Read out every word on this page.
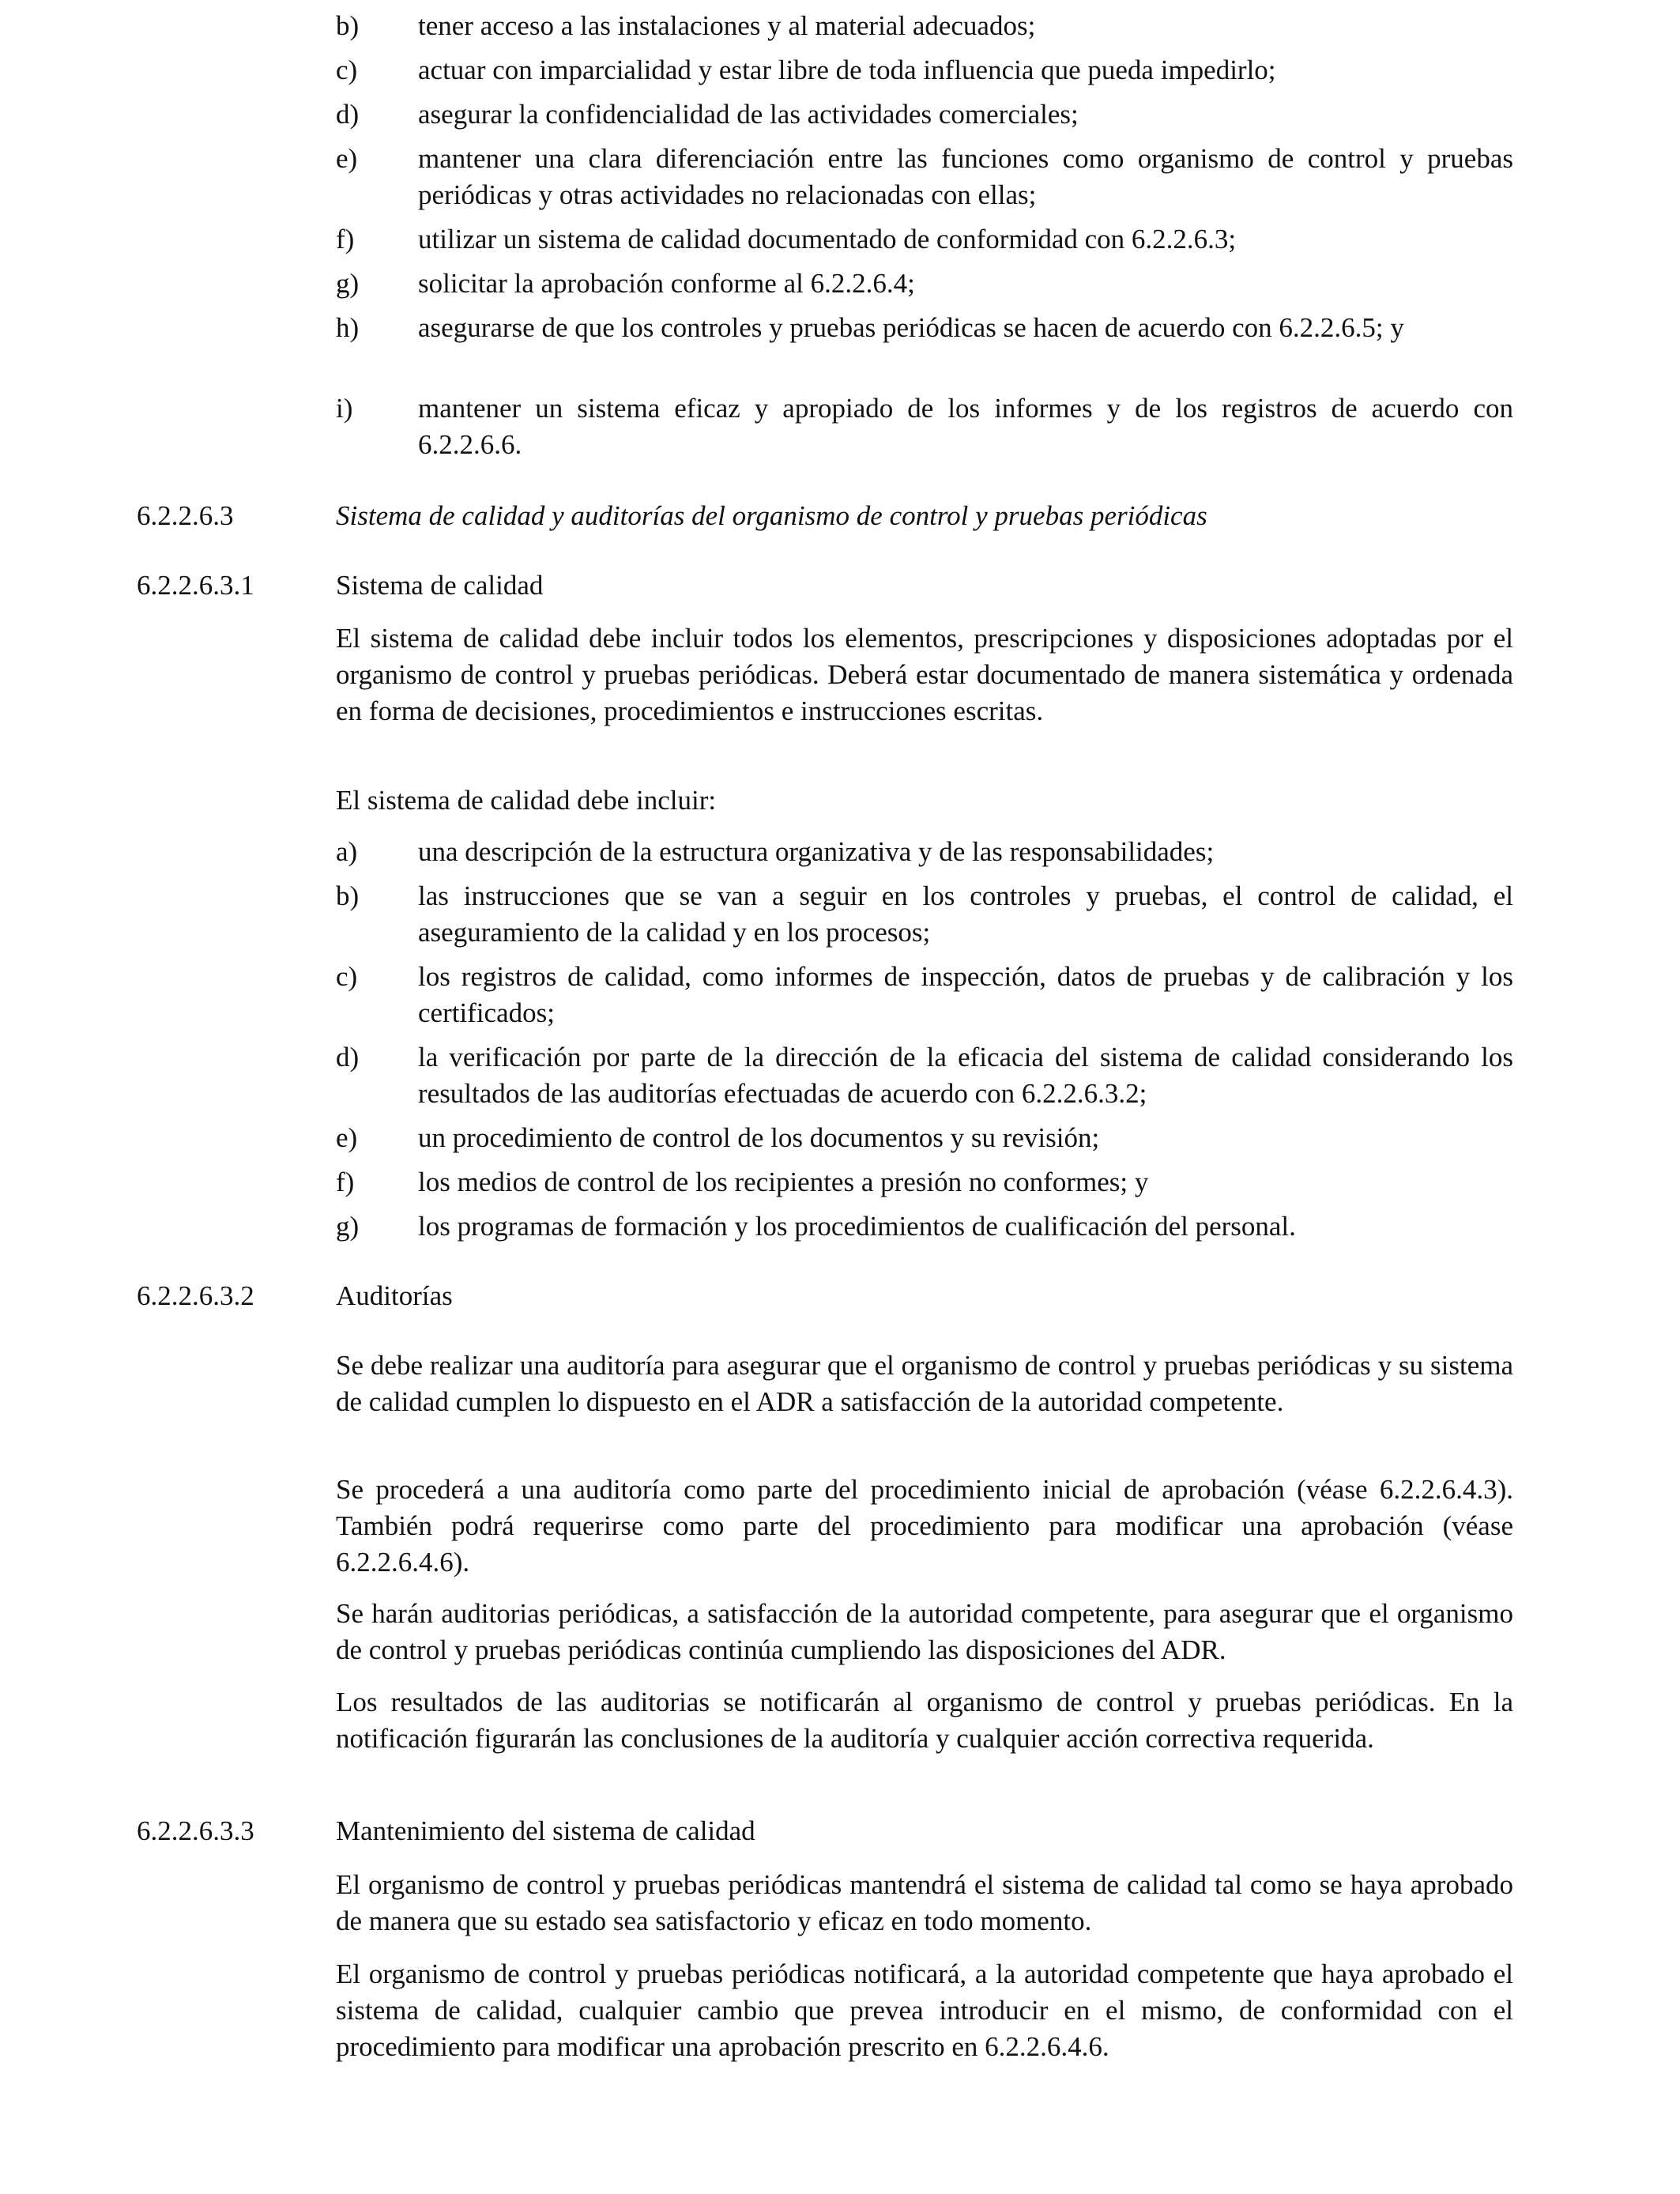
b)	tener acceso a las instalaciones y al material adecuados;
c)	actuar con imparcialidad y estar libre de toda influencia que pueda impedirlo;
d)	asegurar la confidencialidad de las actividades comerciales;
e)	mantener una clara diferenciación entre las funciones como organismo de control y pruebas periódicas y otras actividades no relacionadas con ellas;
f)	utilizar un sistema de calidad documentado de conformidad con 6.2.2.6.3;
g)	solicitar la aprobación conforme al 6.2.2.6.4;
h)	asegurarse de que los controles y pruebas periódicas se hacen de acuerdo con 6.2.2.6.5; y
i)	mantener un sistema eficaz y apropiado de los informes y de los registros de acuerdo con 6.2.2.6.6.
6.2.2.6.3	Sistema de calidad y auditorías del organismo de control y pruebas periódicas
6.2.2.6.3.1	Sistema de calidad
El sistema de calidad debe incluir todos los elementos, prescripciones y disposiciones adoptadas por el organismo de control y pruebas periódicas. Deberá estar documentado de manera sistemática y ordenada en forma de decisiones, procedimientos e instrucciones escritas.
El sistema de calidad debe incluir:
a)	una descripción de la estructura organizativa y de las responsabilidades;
b)	las instrucciones que se van a seguir en los controles y pruebas, el control de calidad, el aseguramiento de la calidad y en los procesos;
c)	los registros de calidad, como informes de inspección, datos de pruebas y de calibración y los certificados;
d)	la verificación por parte de la dirección de la eficacia del sistema de calidad considerando los resultados de las auditorías efectuadas de acuerdo con 6.2.2.6.3.2;
e)	un procedimiento de control de los documentos y su revisión;
f)	los medios de control de los recipientes a presión no conformes; y
g)	los programas de formación y los procedimientos de cualificación del personal.
6.2.2.6.3.2	Auditorías
Se debe realizar una auditoría para asegurar que el organismo de control y pruebas periódicas y su sistema de calidad cumplen lo dispuesto en el ADR a satisfacción de la autoridad competente.
Se procederá a una auditoría como parte del procedimiento inicial de aprobación (véase 6.2.2.6.4.3). También podrá requerirse como parte del procedimiento para modificar una aprobación (véase 6.2.2.6.4.6).
Se harán auditorias periódicas, a satisfacción de la autoridad competente, para asegurar que el organismo de control y pruebas periódicas continúa cumpliendo las disposiciones del ADR.
Los resultados de las auditorias se notificarán al organismo de control y pruebas periódicas. En la notificación figurarán las conclusiones de la auditoría y cualquier acción correctiva requerida.
6.2.2.6.3.3	Mantenimiento del sistema de calidad
El organismo de control y pruebas periódicas mantendrá el sistema de calidad tal como se haya aprobado de manera que su estado sea satisfactorio y eficaz en todo momento.
El organismo de control y pruebas periódicas notificará, a la autoridad competente que haya aprobado el sistema de calidad, cualquier cambio que prevea introducir en el mismo, de conformidad con el procedimiento para modificar una aprobación prescrito en 6.2.2.6.4.6.
